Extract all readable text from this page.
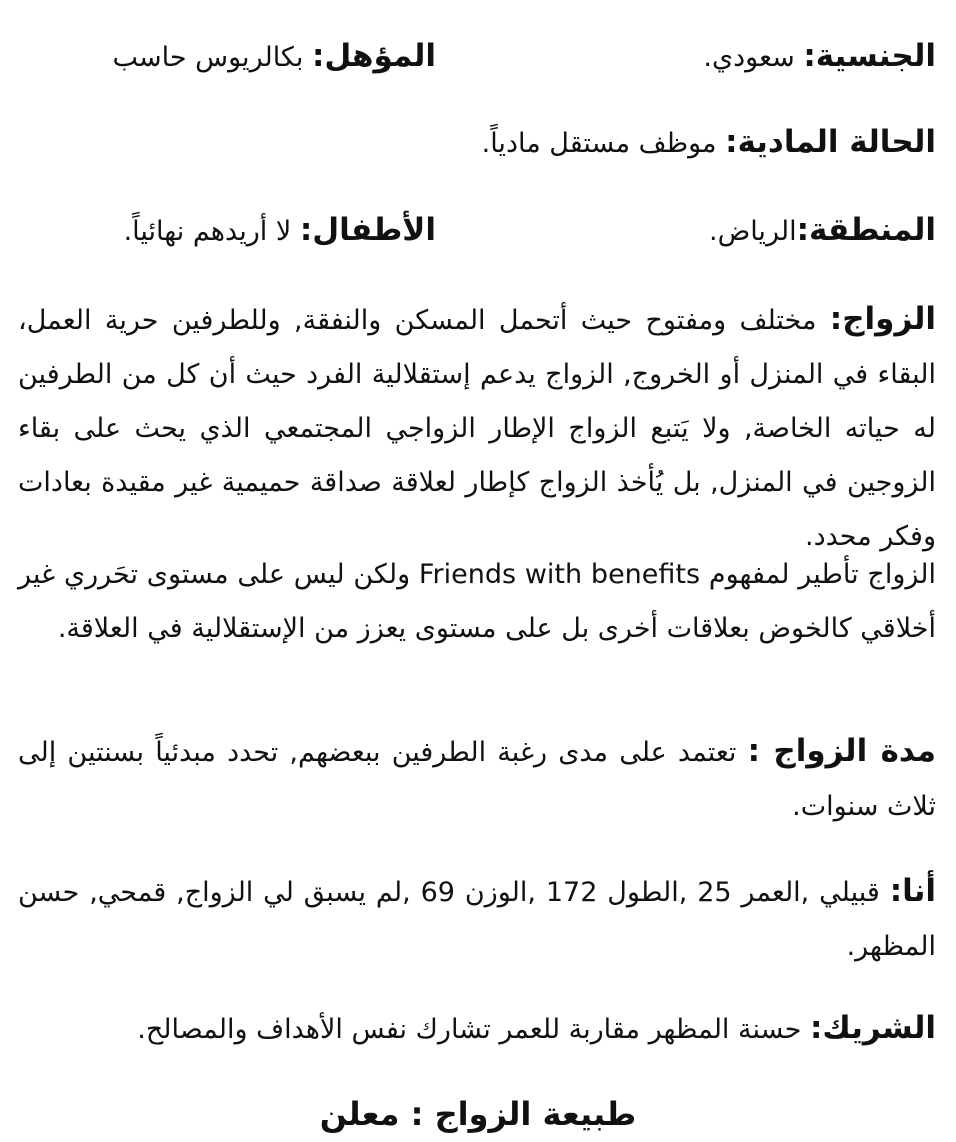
الجنسية: سعودي.
المؤهل: بكالريوس حاسب
الحالة المادية: موظف مستقل مادياً.
المنطقة:الرياض.
الأطفال: لا أريدهم نهائياً.
الزواج: مختلف ومفتوح حيث أتحمل المسكن والنفقة, وللطرفين حرية العمل، البقاء في المنزل أو الخروج, الزواج يدعم إستقلالية الفرد حيث أن كل من الطرفين له حياته الخاصة, ولا يَتبع الزواج الإطار الزواجي المجتمعي الذي يحث على بقاء الزوجين في المنزل, بل يُأخذ الزواج كإطار لعلاقة صداقة حميمية غير مقيدة بعادات وفكر محدد.
الزواج تأطير لمفهوم Friends with benefits ولكن ليس على مستوى تحَرري غير أخلاقي كالخوض بعلاقات أخرى بل على مستوى يعزز من الإستقلالية في العلاقة.
مدة الزواج : تعتمد على مدى رغبة الطرفين ببعضهم, تحدد مبدئياً بسنتين إلى ثلاث سنوات.
أنا: قبيلي ,العمر 25 ,الطول 172 ,الوزن 69 ,لم يسبق لي الزواج, قمحي, حسن المظهر.
الشريك: حسنة المظهر مقاربة للعمر تشارك نفس الأهداف والمصالح.
طبيعة الزواج : معلن
